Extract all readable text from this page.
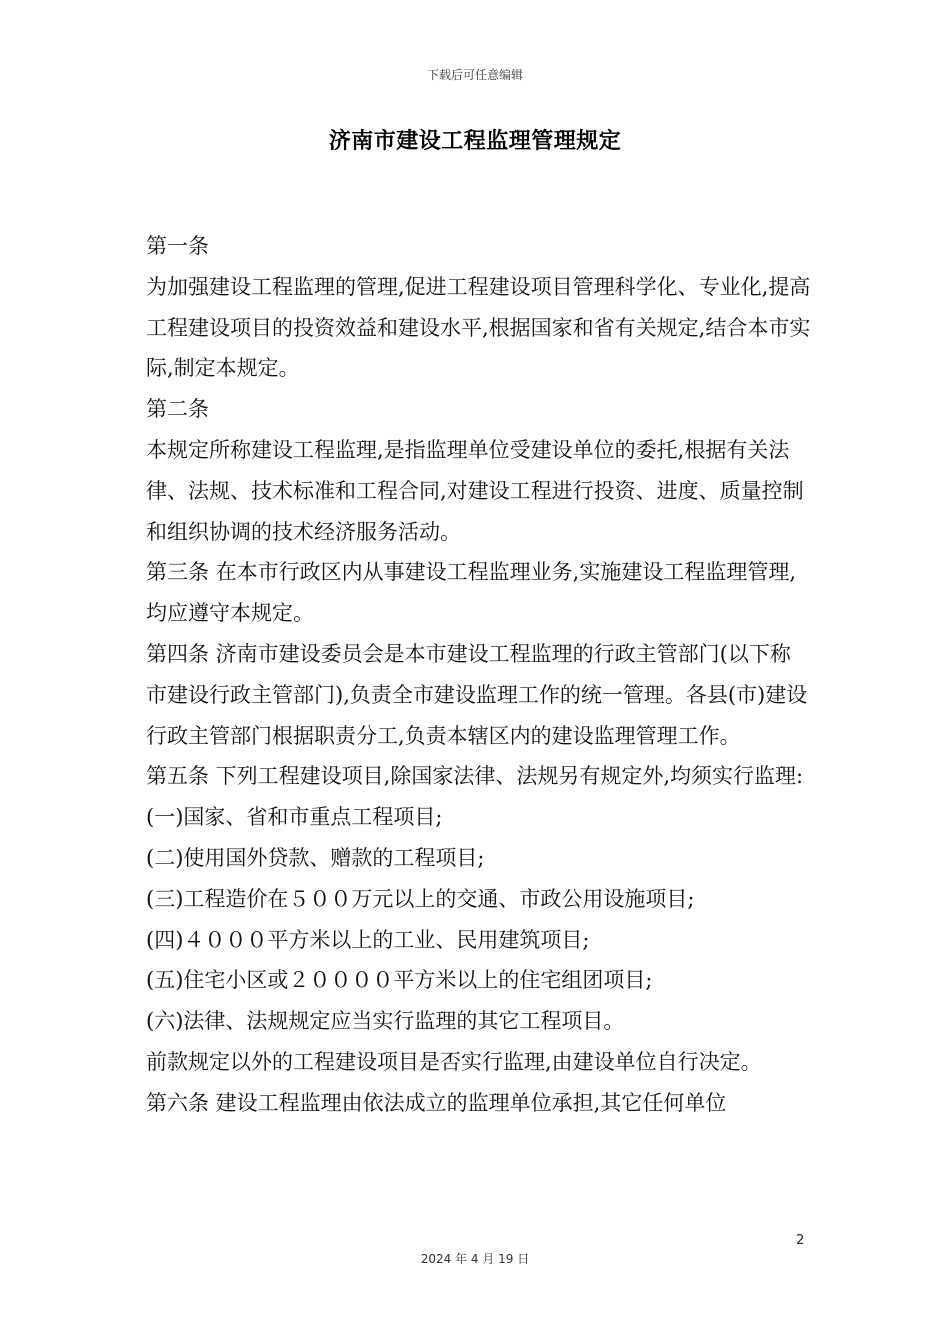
下载后可任意编辑
济南市建设工程监理管理规定

第一条

为加强建设工程监理的管理,促进工程建设项目管理科学化、专业化,提高工程建设项目的投资效益和建设水平,根据国家和省有关规定,结合本市实际,制定本规定。

第二条

本规定所称建设工程监理,是指监理单位受建设单位的委托,根据有关法律、法规、技术标准和工程合同,对建设工程进行投资、进度、质量控制和组织协调的技术经济服务活动。

第三条 在本市行政区内从事建设工程监理业务,实施建设工程监理管理,均应遵守本规定。

第四条 济南市建设委员会是本市建设工程监理的行政主管部门(以下称市建设行政主管部门),负责全市建设监理工作的统一管理。各县(市)建设行政主管部门根据职责分工,负责本辖区内的建设监理管理工作。

第五条 下列工程建设项目,除国家法律、法规另有规定外,均须实行监理:

(一)国家、省和市重点工程项目;

(二)使用国外贷款、赠款的工程项目;

(三)工程造价在５００万元以上的交通、市政公用设施项目;

(四)４０００平方米以上的工业、民用建筑项目;

(五)住宅小区或２００００平方米以上的住宅组团项目;

(六)法律、法规规定应当实行监理的其它工程项目。

前款规定以外的工程建设项目是否实行监理,由建设单位自行决定。

第六条 建设工程监理由依法成立的监理单位承担,其它任何单位

2
2024 年 4 月 19 日
